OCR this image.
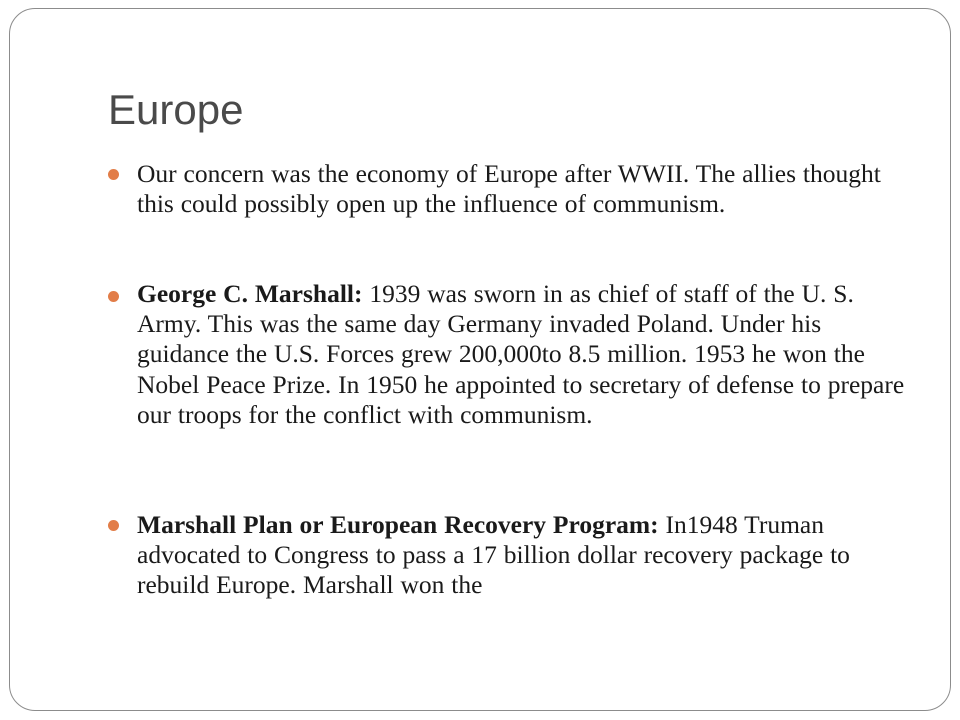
Europe

Our concern was the economy of Europe after WWII. The allies thought this could possibly open up the influence of communism.

George C. Marshall: 1939 was sworn in as chief of staff of the U. S. Army. This was the same day Germany invaded Poland. Under his guidance the U.S. Forces grew 200,000to 8.5 million. 1953 he won the Nobel Peace Prize. In 1950 he appointed to secretary of defense to prepare our troops for the conflict with communism.

Marshall Plan or European Recovery Program: In1948 Truman advocated to Congress to pass a 17 billion dollar recovery package to rebuild Europe. Marshall won the
